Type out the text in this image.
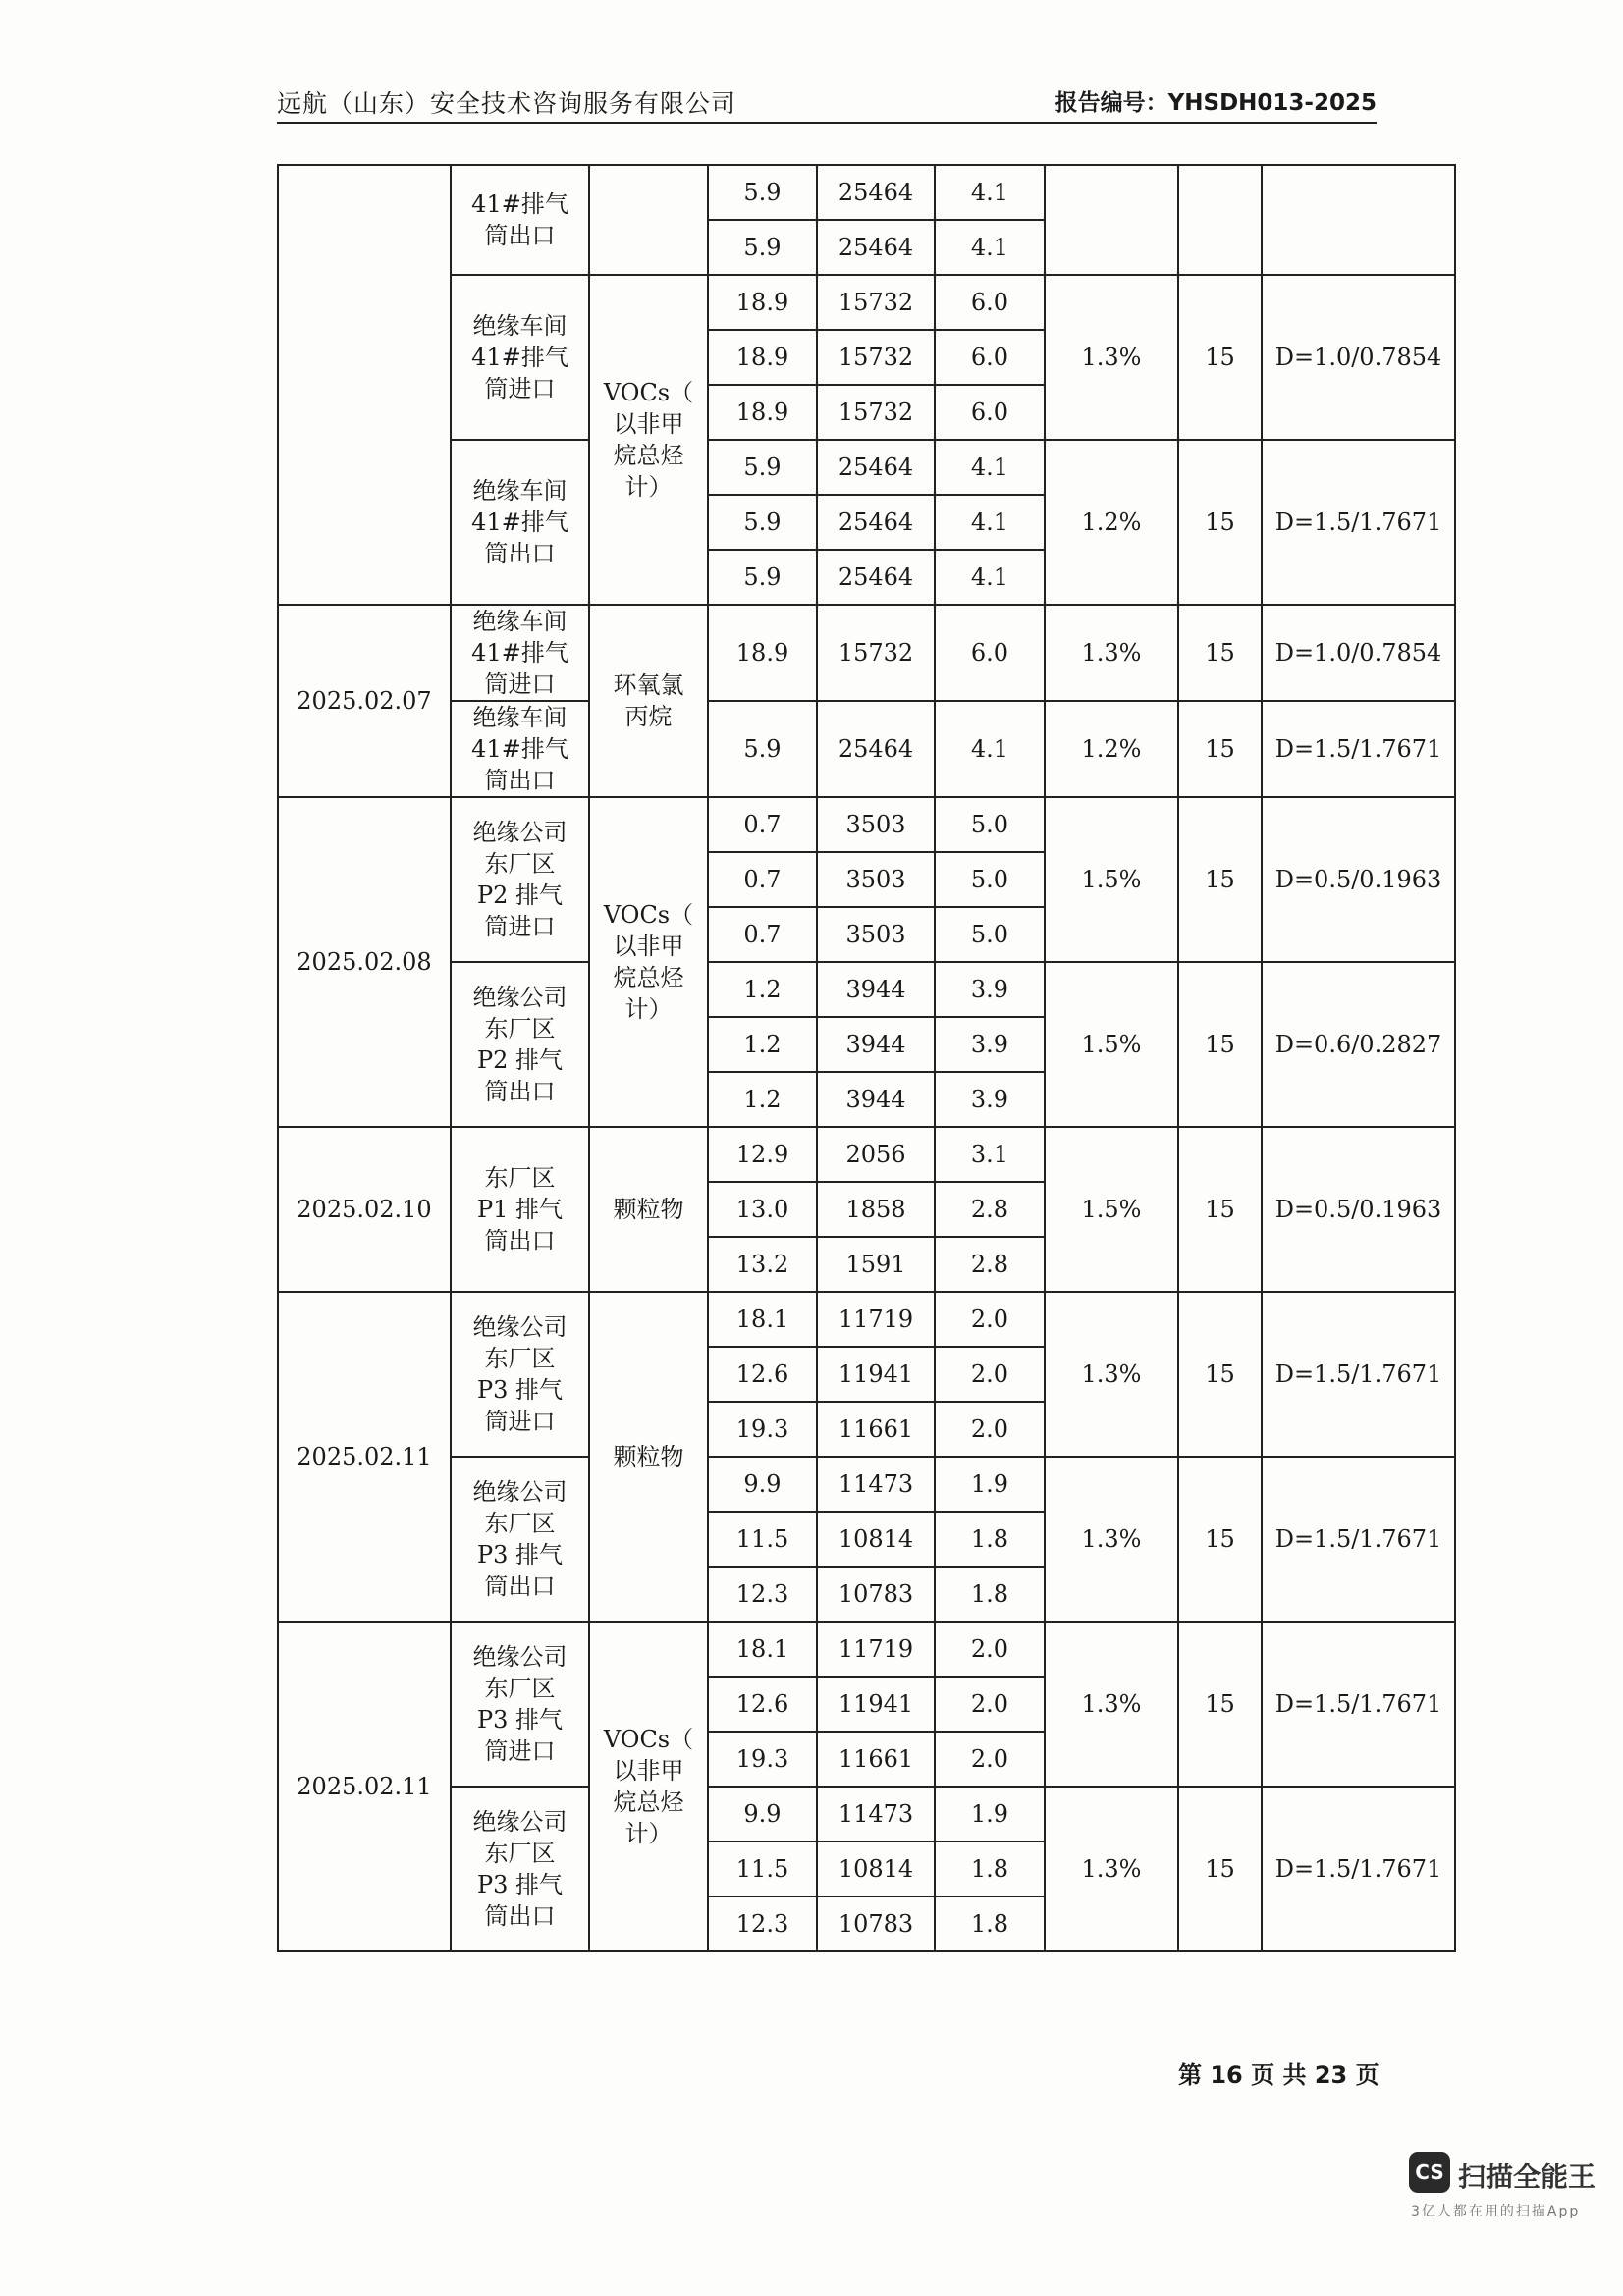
远航（山东）安全技术咨询服务有限公司	报告编号：YHSDH013-2025
	41#排气
筒出口		5.9	25464	4.1			
			5.9	25464	4.1			
	绝缘车间
41#排气
筒进口	VOCs（
以非甲
烷总烃
计）	18.9	15732	6.0	1.3%	15	D=1.0/0.7854
			18.9	15732	6.0			
			18.9	15732	6.0			
	绝缘车间
41#排气
筒出口		5.9	25464	4.1	1.2%	15	D=1.5/1.7671
			5.9	25464	4.1			
			5.9	25464	4.1			
2025.02.07	绝缘车间
41#排气
筒进口	环氧氯
丙烷	18.9	15732	6.0	1.3%	15	D=1.0/0.7854
	绝缘车间
41#排气
筒出口		5.9	25464	4.1	1.2%	15	D=1.5/1.7671
2025.02.08	绝缘公司
东厂区
P2 排气
筒进口	VOCs（
以非甲
烷总烃
计）	0.7	3503	5.0	1.5%	15	D=0.5/0.1963
			0.7	3503	5.0			
			0.7	3503	5.0			
	绝缘公司
东厂区
P2 排气
筒出口		1.2	3944	3.9	1.5%	15	D=0.6/0.2827
			1.2	3944	3.9			
			1.2	3944	3.9			
2025.02.10	东厂区
P1 排气
筒出口	颗粒物	12.9	2056	3.1	1.5%	15	D=0.5/0.1963
			13.0	1858	2.8			
			13.2	1591	2.8			
2025.02.11	绝缘公司
东厂区
P3 排气
筒进口	颗粒物	18.1	11719	2.0	1.3%	15	D=1.5/1.7671
			12.6	11941	2.0			
			19.3	11661	2.0			
	绝缘公司
东厂区
P3 排气
筒出口		9.9	11473	1.9	1.3%	15	D=1.5/1.7671
			11.5	10814	1.8			
			12.3	10783	1.8			
2025.02.11	绝缘公司
东厂区
P3 排气
筒进口	VOCs（
以非甲
烷总烃
计）	18.1	11719	2.0	1.3%	15	D=1.5/1.7671
			12.6	11941	2.0			
			19.3	11661	2.0			
	绝缘公司
东厂区
P3 排气
筒出口		9.9	11473	1.9	1.3%	15	D=1.5/1.7671
			11.5	10814	1.8			
			12.3	10783	1.8			
第 16 页 共 23 页
CS 扫描全能王
3亿人都在用的扫描App
